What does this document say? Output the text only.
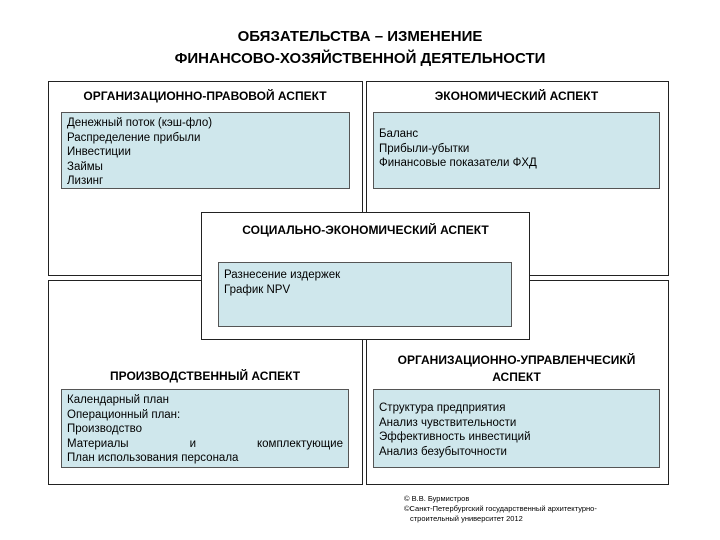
ОБЯЗАТЕЛЬСТВА – ИЗМЕНЕНИЕ
ФИНАНСОВО-ХОЗЯЙСТВЕННОЙ ДЕЯТЕЛЬНОСТИ
ОРГАНИЗАЦИОННО-ПРАВОВОЙ АСПЕКТ
Денежный поток (кэш-фло)
Распределение прибыли
Инвестиции
Займы
Лизинг
ЭКОНОМИЧЕСКИЙ АСПЕКТ
Баланс
Прибыли-убытки
Финансовые показатели ФХД
СОЦИАЛЬНО-ЭКОНОМИЧЕСКИЙ АСПЕКТ
Разнесение издержек
График NPV
ПРОИЗВОДСТВЕННЫЙ АСПЕКТ
Календарный план
Операционный план:
Производство
Материалы	и	комплектующие
План использования персонала
ОРГАНИЗАЦИОННО-УПРАВЛЕНЧЕСИКЙ
АСПЕКТ
Структура предприятия
Анализ чувствительности
Эффективность инвестиций
Анализ безубыточности
© В.В. Бурмистров
©Санкт-Петербургский государственный архитектурно-
строительный университет 2012
